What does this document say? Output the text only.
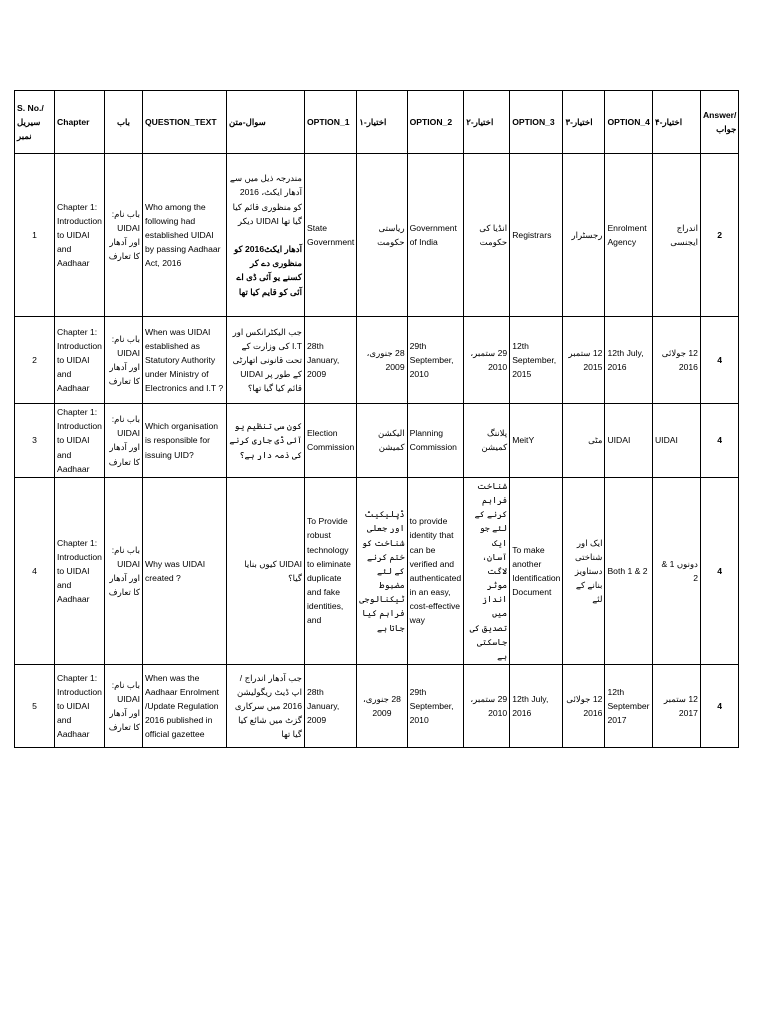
S. No./سیریل نمبر	Chapter	باب	QUESTION_TEXT	سوال-متن	OPTION_1	اختیار-۱	OPTION_2	اختیار-۲	OPTION_3	اختیار-۳	OPTION_4	اختیار-۴	Answer/جواب
1	Chapter 1: Introduction to UIDAI and Aadhaar	باب نام: UIDAI اور آدھار کا تعارف	Who among the following had established UIDAI by passing Aadhaar Act, 2016	مندرجہ ذیل میں سے آدھار ایکٹ، 2016 کو منظوری قائم کیا گیا تھا UIDAI دیکر
آدھار ایکٹ2016 کو منظوری دے کر کسنے یو آئی ڈی اے آئی کو قایم کیا تھا	State Government	ریاستی حکومت	Government of India	انڈیا کی حکومت	Registrars	رجسٹرار	Enrolment Agency	اندراج ایجنسی	2
2	Chapter 1: Introduction to UIDAI and Aadhaar	باب نام: UIDAI اور آدھار کا تعارف	When was UIDAI established as Statutory Authority under Ministry of Electronics and I.T ?	جب الیکٹرانکس اور I.T کی وزارت کے تحت قانونی اتھارٹی کے طور پر UIDAI قائم کیا گیا تھا؟	28th January, 2009	28 جنوری، 2009	29th September, 2010	29 ستمبر، 2010	12th September, 2015	12 ستمبر 2015	12th July, 2016	12 جولائی 2016	4
3	Chapter 1: Introduction to UIDAI and Aadhaar	باب نام: UIDAI اور آدھار کا تعارف	Which organisation is responsible for issuing UID?	کون سی تنظیم یو آئی ڈی جاری کرنے کی ذمہ دار ہے؟	Election Commission	الیکشن کمیشن	Planning Commission	پلاننگ کمیشن	MeitY	مٹی	UIDAI	UIDAI	4
4	Chapter 1: Introduction to UIDAI and Aadhaar	باب نام: UIDAI اور آدھار کا تعارف	Why was UIDAI created ?	UIDAI کیوں بنایا گیا؟	To Provide robust technology to eliminate duplicate and fake identities, and	ڈپلیکیٹ اور جعلی شناخت کو ختم کرنے کے لئے مضبوط ٹیکنالوجی فراہم کیا جاتا ہے	to provide identity that can be verified and authenticated in an easy, cost-effective way	شناخت فراہم کرنے کے لئے جو ایک آسان، لاگت موثر انداز میں تصدیق کی جاسکتی ہے	To make another Identification Document	ایک اور شناختی دستاویز بنانے کے لئے	Both 1 & 2	دونوں 1 & 2	4
5	Chapter 1: Introduction to UIDAI and Aadhaar	باب نام: UIDAI اور آدھار کا تعارف	When was the Aadhaar Enrolment /Update Regulation 2016 published in official gazettee	جب آدھار اندراج / اپ ڈیٹ ریگولیشن 2016 میں سرکاری گزٹ میں شائع کیا گیا تھا	28th January, 2009	28 جنوری، 2009	29th September, 2010	29 ستمبر، 2010	12th July, 2016	12 جولائی 2016	12th September 2017	12 ستمبر 2017	4
